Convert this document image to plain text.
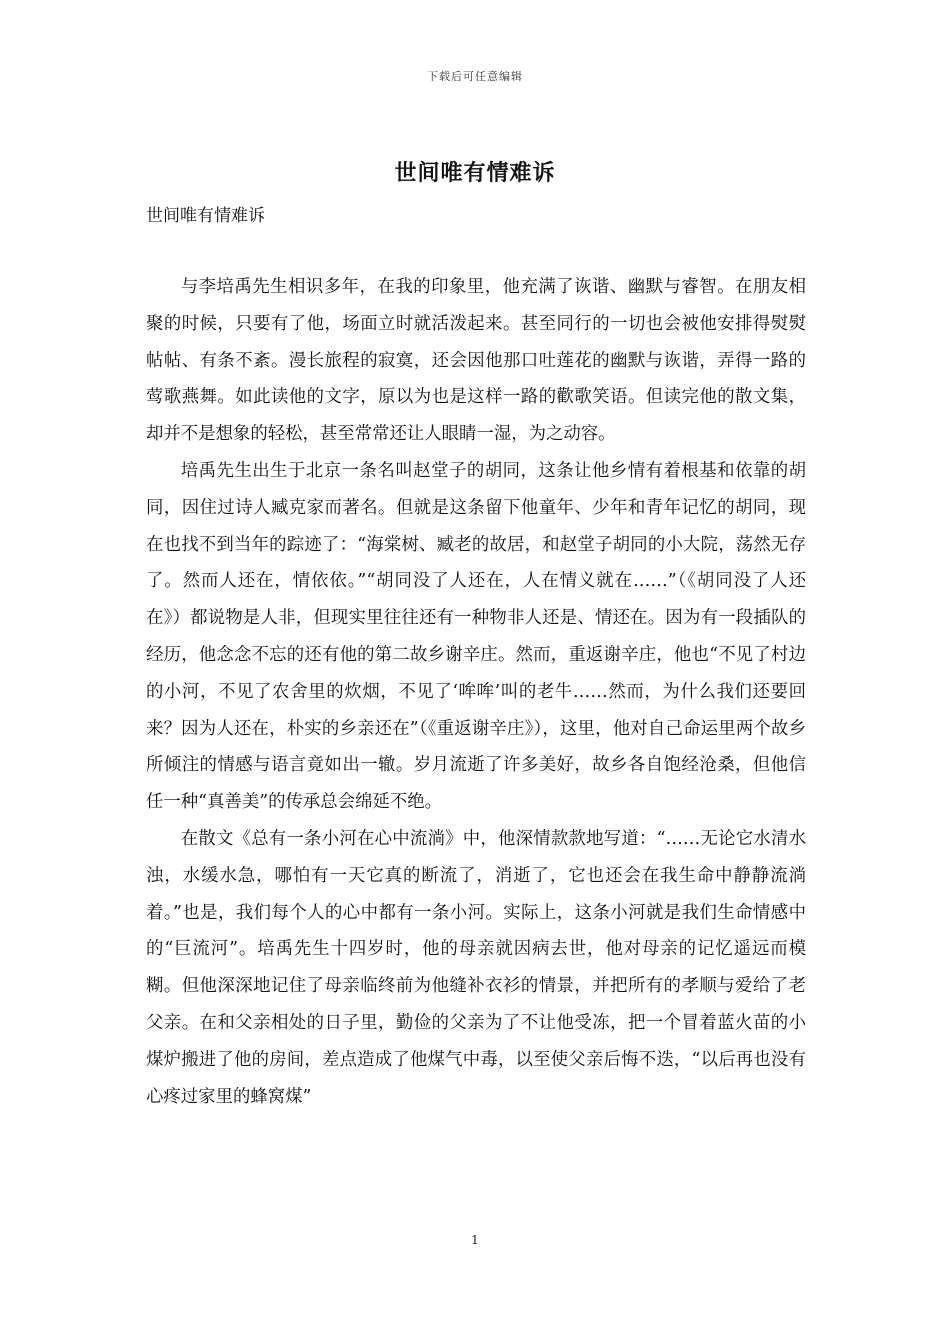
下载后可任意编辑
世间唯有情难诉
世间唯有情难诉

与李培禹先生相识多年，在我的印象里，他充满了诙谐、幽默与睿智。在朋友相聚的时候，只要有了他，场面立时就活泼起来。甚至同行的一切也会被他安排得熨熨帖帖、有条不紊。漫长旅程的寂寞，还会因他那口吐莲花的幽默与诙谐，弄得一路的莺歌燕舞。如此读他的文字，原以为也是这样一路的歡歌笑语。但读完他的散文集，却并不是想象的轻松，甚至常常还让人眼睛一湿，为之动容。

培禹先生出生于北京一条名叫赵堂子的胡同，这条让他乡情有着根基和依靠的胡同，因住过诗人臧克家而著名。但就是这条留下他童年、少年和青年记忆的胡同，现在也找不到当年的踪迹了：“海棠树、臧老的故居，和赵堂子胡同的小大院，荡然无存了。然而人还在，情依依。”“胡同没了人还在，人在情义就在……”（《胡同没了人还在》）都说物是人非，但现实里往往还有一种物非人还是、情还在。因为有一段插队的经历，他念念不忘的还有他的第二故乡谢辛庄。然而，重返谢辛庄，他也“不见了村边的小河，不见了农舍里的炊烟，不见了‘哞哞’叫的老牛……然而，为什么我们还要回来？因为人还在，朴实的乡亲还在”（《重返谢辛庄》），这里，他对自己命运里两个故乡所倾注的情感与语言竟如出一辙。岁月流逝了许多美好，故乡各自饱经沧桑，但他信任一种“真善美”的传承总会绵延不绝。

在散文《总有一条小河在心中流淌》中，他深情款款地写道：“……无论它水清水浊，水缓水急，哪怕有一天它真的断流了，消逝了，它也还会在我生命中静静流淌着。”也是，我们每个人的心中都有一条小河。实际上，这条小河就是我们生命情感中的“巨流河”。培禹先生十四岁时，他的母亲就因病去世，他对母亲的记忆遥远而模糊。但他深深地记住了母亲临终前为他缝补衣衫的情景，并把所有的孝顺与爱给了老父亲。在和父亲相处的日子里，勤俭的父亲为了不让他受冻，把一个冒着蓝火苗的小煤炉搬进了他的房间，差点造成了他煤气中毒，以至使父亲后悔不迭，“以后再也没有心疼过家里的蜂窝煤”

1
